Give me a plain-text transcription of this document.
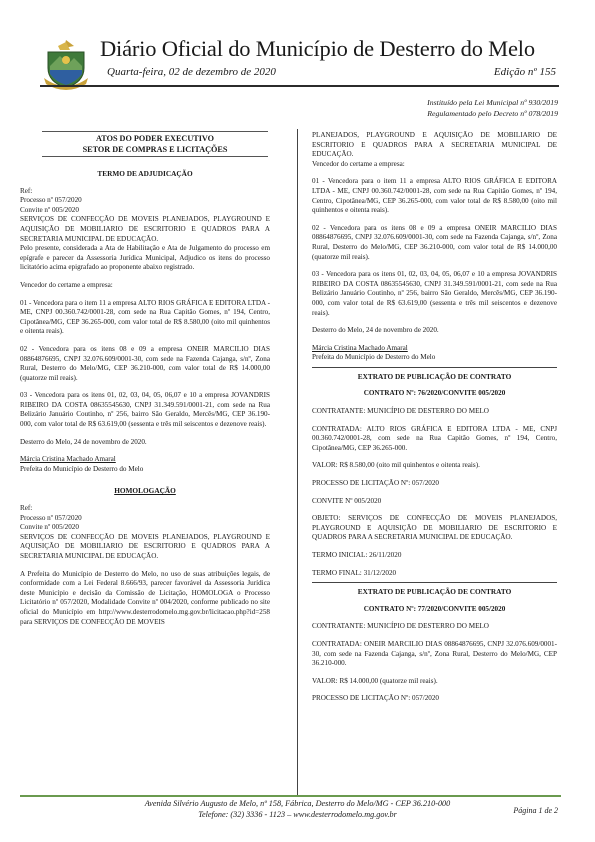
Diário Oficial do Município de Desterro do Melo
Quarta-feira, 02 de dezembro de 2020	Edição nº 155
Instituído pela Lei Municipal nº 930/2019
Regulamentado pelo Decreto nº 078/2019
ATOS DO PODER EXECUTIVO
SETOR DE COMPRAS E LICITAÇÕES
TERMO DE ADJUDICAÇÃO

Ref:

Processo nº 057/2020

Convite nº 005/2020

SERVIÇOS DE CONFECÇÃO DE MOVEIS PLANEJADOS, PLAYGROUND E AQUISIÇÃO DE MOBILIARIO DE ESCRITORIO E QUADROS PARA A SECRETARIA MUNICIPAL DE EDUCAÇÃO.

Pelo presente, considerada a Ata de Habilitação e Ata de Julgamento do processo em epígrafe e parecer da Assessoria Jurídica Municipal, Adjudico os itens do processo licitatório acima epigrafado ao proponente abaixo registrado.

Vencedor do certame a empresa:

01 - Vencedora para o item 11 a empresa ALTO RIOS GRÁFICA E EDITORA LTDA - ME, CNPJ 00.360.742/0001-28, com sede na Rua Capitão Gomes, nº 194, Centro, Cipotânea/MG, CEP 36.265-000, com valor total de R$ 8.580,00 (oito mil quinhentos e oitenta reais).

02 - Vencedora para os itens 08 e 09 a empresa ONEIR MARCILIO DIAS 08864876695, CNPJ 32.076.609/0001-30, com sede na Fazenda Cajanga, s/nº, Zona Rural, Desterro do Melo/MG, CEP 36.210-000, com valor total de R$ 14.000,00 (quatorze mil reais).

03 - Vencedora para os itens 01, 02, 03, 04, 05, 06,07 e 10 a empresa JOVANDRIS RIBEIRO DA COSTA 08635545630, CNPJ 31.349.591/0001-21, com sede na Rua Belizário Januário Coutinho, nº 256, bairro São Geraldo, Mercês/MG, CEP 36.190-000, com valor total de R$ 63.619,00 (sessenta e três mil seiscentos e dezenove reais).

Desterro do Melo, 24 de novembro de 2020.

Márcia Cristina Machado Amaral

Prefeita do Município de Desterro do Melo

HOMOLOGAÇÃO

Ref:

Processo nº 057/2020

Convite nº 005/2020

SERVIÇOS DE CONFECÇÃO DE MOVEIS PLANEJADOS, PLAYGROUND E AQUISIÇÃO DE MOBILIARIO DE ESCRITORIO E QUADROS PARA A SECRETARIA MUNICIPAL DE EDUCAÇÃO.

A Prefeita do Município de Desterro do Melo, no uso de suas atribuições legais, de conformidade com a Lei Federal 8.666/93, parecer favorável da Assessoria Jurídica deste Município e decisão da Comissão de Licitação, HOMOLOGA o Processo Licitatório nº 057/2020, Modalidade Convite nº 004/2020, conforme publicado no site oficial do Município em http://www.desterrodomelo.mg.gov.br/licitacao.php?id=258 para SERVIÇOS DE CONFECÇÃO DE MOVEIS

PLANEJADOS, PLAYGROUND E AQUISIÇÃO DE MOBILIARIO DE ESCRITORIO E QUADROS PARA A SECRETARIA MUNICIPAL DE EDUCAÇÃO.

Vencedor do certame a empresa:

01 - Vencedora para o item 11 a empresa ALTO RIOS GRÁFICA E EDITORA LTDA - ME, CNPJ 00.360.742/0001-28, com sede na Rua Capitão Gomes, nº 194, Centro, Cipotânea/MG, CEP 36.265-000, com valor total de R$ 8.580,00 (oito mil quinhentos e oitenta reais).

02 - Vencedora para os itens 08 e 09 a empresa ONEIR MARCILIO DIAS 08864876695, CNPJ 32.076.609/0001-30, com sede na Fazenda Cajanga, s/nº, Zona Rural, Desterro do Melo/MG, CEP 36.210-000, com valor total de R$ 14.000,00 (quatorze mil reais).

03 - Vencedora para os itens 01, 02, 03, 04, 05, 06,07 e 10 a empresa JOVANDRIS RIBEIRO DA COSTA 08635545630, CNPJ 31.349.591/0001-21, com sede na Rua Belizário Januário Coutinho, nº 256, bairro São Geraldo, Mercês/MG, CEP 36.190-000, com valor total de R$ 63.619,00 (sessenta e três mil seiscentos e dezenove reais).

Desterro do Melo, 24 de novembro de 2020.

Márcia Cristina Machado Amaral

Prefeita do Município de Desterro do Melo

EXTRATO DE PUBLICAÇÃO DE CONTRATO

CONTRATO Nº: 76/2020/CONVITE 005/2020

CONTRATANTE: MUNICÍPIO DE DESTERRO DO MELO

CONTRATADA: ALTO RIOS GRÁFICA E EDITORA LTDA - ME, CNPJ 00.360.742/0001-28, com sede na Rua Capitão Gomes, nº 194, Centro, Cipotânea/MG, CEP 36.265-000.

VALOR: R$ 8.580,00 (oito mil quinhentos e oitenta reais).

PROCESSO DE LICITAÇÃO Nº: 057/2020

CONVITE Nº 005/2020

OBJETO: SERVIÇOS DE CONFECÇÃO DE MOVEIS PLANEJADOS, PLAYGROUND E AQUISIÇÃO DE MOBILIARIO DE ESCRITORIO E QUADROS PARA A SECRETARIA MUNICIPAL DE EDUCAÇÃO.

TERMO INICIAL: 26/11/2020

TERMO FINAL: 31/12/2020

EXTRATO DE PUBLICAÇÃO DE CONTRATO

CONTRATO Nº: 77/2020/CONVITE 005/2020

CONTRATANTE: MUNICÍPIO DE DESTERRO DO MELO

CONTRATADA: ONEIR MARCILIO DIAS 08864876695, CNPJ 32.076.609/0001-30, com sede na Fazenda Cajanga, s/nº, Zona Rural, Desterro do Melo/MG, CEP 36.210-000.

VALOR: R$ 14.000,00 (quatorze mil reais).

PROCESSO DE LICITAÇÃO Nº: 057/2020

Avenida Silvério Augusto de Melo, nº 158, Fábrica, Desterro do Melo/MG - CEP 36.210-000
Telefone: (32) 3336 - 1123 – www.desterrodomelo.mg.gov.br	Página 1 de 2
